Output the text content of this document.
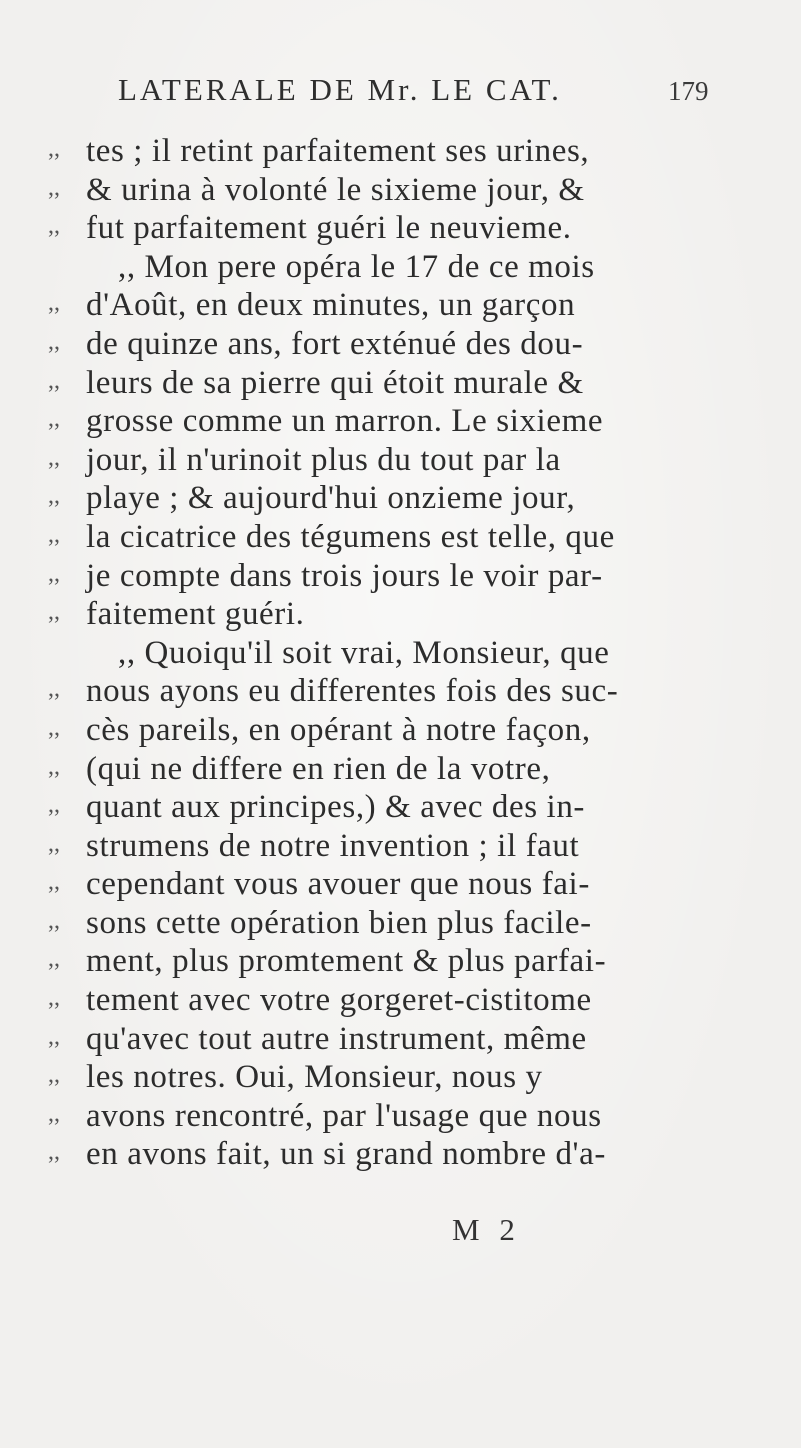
LATERALE DE Mr. LE CAT.	179
,, tes ; il retint parfaitement ses urines,
,, & urina à volonté le sixieme jour, &
,, fut parfaitement guéri le neuvieme.
,, Mon pere opéra le 17 de ce mois
,, d'Août, en deux minutes, un garçon
,, de quinze ans, fort exténué des dou-
,, leurs de sa pierre qui étoit murale &
,, grosse comme un marron. Le sixieme
,, jour, il n'urinoit plus du tout par la
,, playe ; & aujourd'hui onzieme jour,
,, la cicatrice des tégumens est telle, que
,, je compte dans trois jours le voir par-
,, faitement guéri.
,, Quoiqu'il soit vrai, Monsieur, que
,, nous ayons eu differentes fois des suc-
,, cès pareils, en opérant à notre façon,
,, (qui ne differe en rien de la votre,
,, quant aux principes,) & avec des in-
,, strumens de notre invention ; il faut
,, cependant vous avouer que nous fai-
,, sons cette opération bien plus facile-
,, ment, plus promtement & plus parfai-
,, tement avec votre gorgeret-cistitome
,, qu'avec tout autre instrument, même
,, les notres. Oui, Monsieur, nous y
,, avons rencontré, par l'usage que nous
,, en avons fait, un si grand nombre d'a-
M 2
